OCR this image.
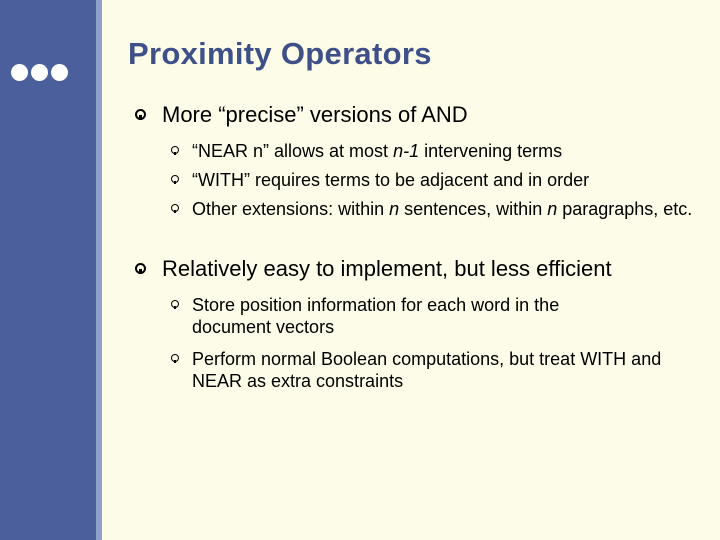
Proximity Operators
More “precise” versions of AND
“NEAR n” allows at most n-1 intervening terms
“WITH” requires terms to be adjacent and in order
Other extensions: within n sentences, within n paragraphs, etc.
Relatively easy to implement, but less efficient
Store position information for each word in the document vectors
Perform normal Boolean computations, but treat WITH and NEAR as extra constraints
